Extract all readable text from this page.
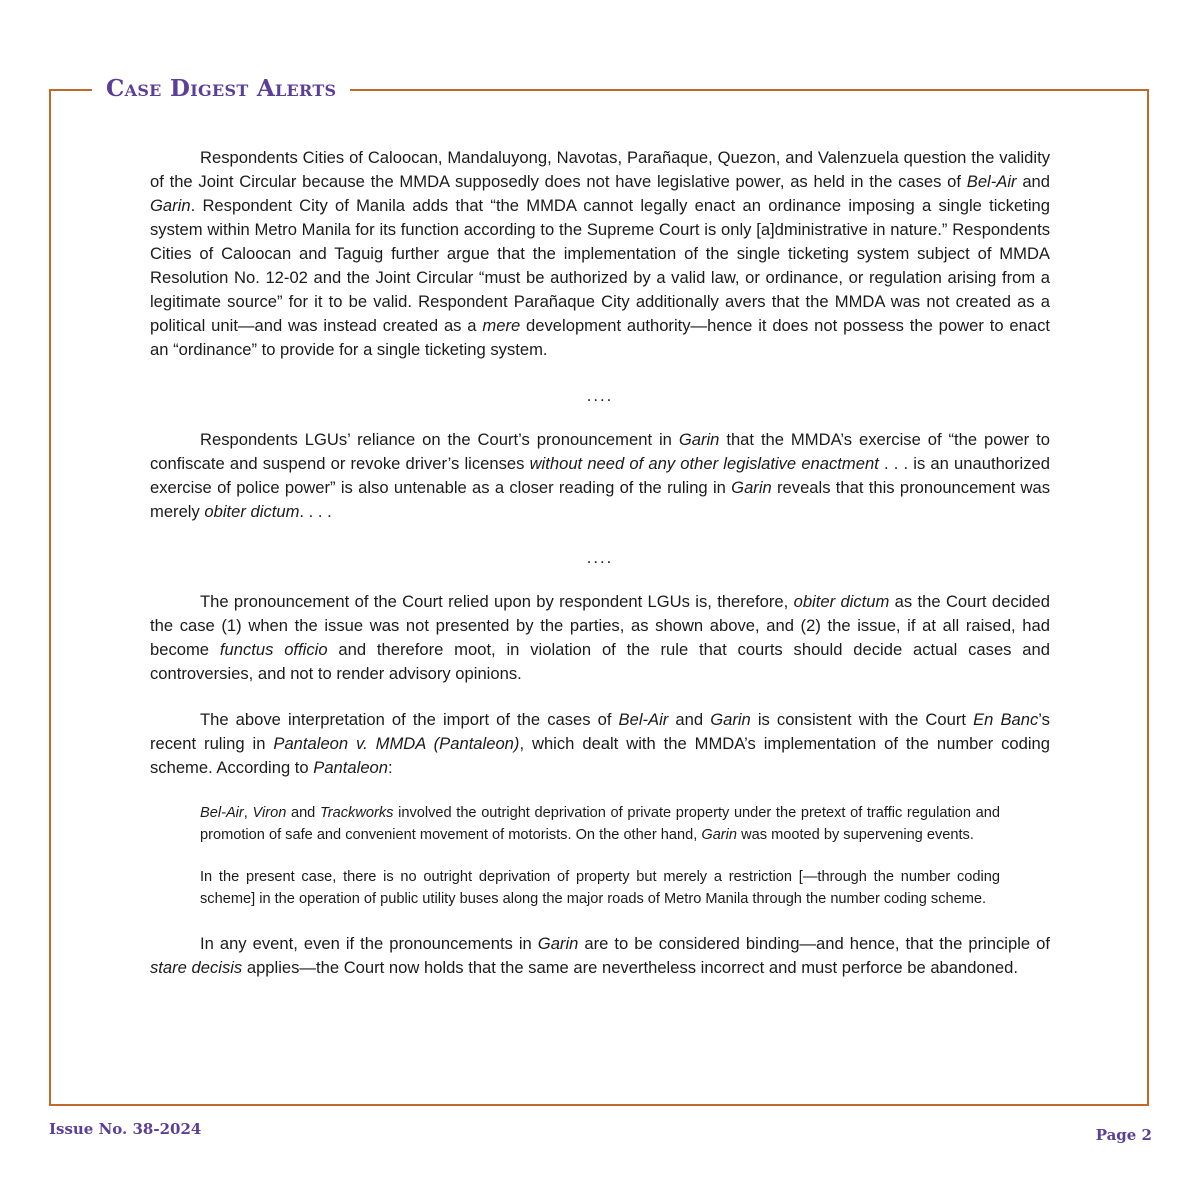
Case Digest Alerts

Respondents Cities of Caloocan, Mandaluyong, Navotas, Parañaque, Quezon, and Valenzuela question the validity of the Joint Circular because the MMDA supposedly does not have legislative power, as held in the cases of Bel-Air and Garin. Respondent City of Manila adds that “the MMDA cannot legally enact an ordinance imposing a single ticketing system within Metro Manila for its function according to the Supreme Court is only [a]dministrative in nature.” Respondents Cities of Caloocan and Taguig further argue that the implementation of the single ticketing system subject of MMDA Resolution No. 12-02 and the Joint Circular “must be authorized by a valid law, or ordinance, or regulation arising from a legitimate source” for it to be valid. Respondent Parañaque City additionally avers that the MMDA was not created as a political unit—and was instead created as a mere development authority—hence it does not possess the power to enact an “ordinance” to provide for a single ticketing system.

....

Respondents LGUs’ reliance on the Court’s pronouncement in Garin that the MMDA’s exercise of “the power to confiscate and suspend or revoke driver’s licenses without need of any other legislative enactment . . . is an unauthorized exercise of police power” is also untenable as a closer reading of the ruling in Garin reveals that this pronouncement was merely obiter dictum. . . .

....

The pronouncement of the Court relied upon by respondent LGUs is, therefore, obiter dictum as the Court decided the case (1) when the issue was not presented by the parties, as shown above, and (2) the issue, if at all raised, had become functus officio and therefore moot, in violation of the rule that courts should decide actual cases and controversies, and not to render advisory opinions.

The above interpretation of the import of the cases of Bel-Air and Garin is consistent with the Court En Banc’s recent ruling in Pantaleon v. MMDA (Pantaleon), which dealt with the MMDA’s implementation of the number coding scheme. According to Pantaleon:

Bel-Air, Viron and Trackworks involved the outright deprivation of private property under the pretext of traffic regulation and promotion of safe and convenient movement of motorists. On the other hand, Garin was mooted by supervening events.
In the present case, there is no outright deprivation of property but merely a restriction [—through the number coding scheme] in the operation of public utility buses along the major roads of Metro Manila through the number coding scheme.

In any event, even if the pronouncements in Garin are to be considered binding—and hence, that the principle of stare decisis applies—the Court now holds that the same are nevertheless incorrect and must perforce be abandoned.

Issue No. 38-2024	Page 2
